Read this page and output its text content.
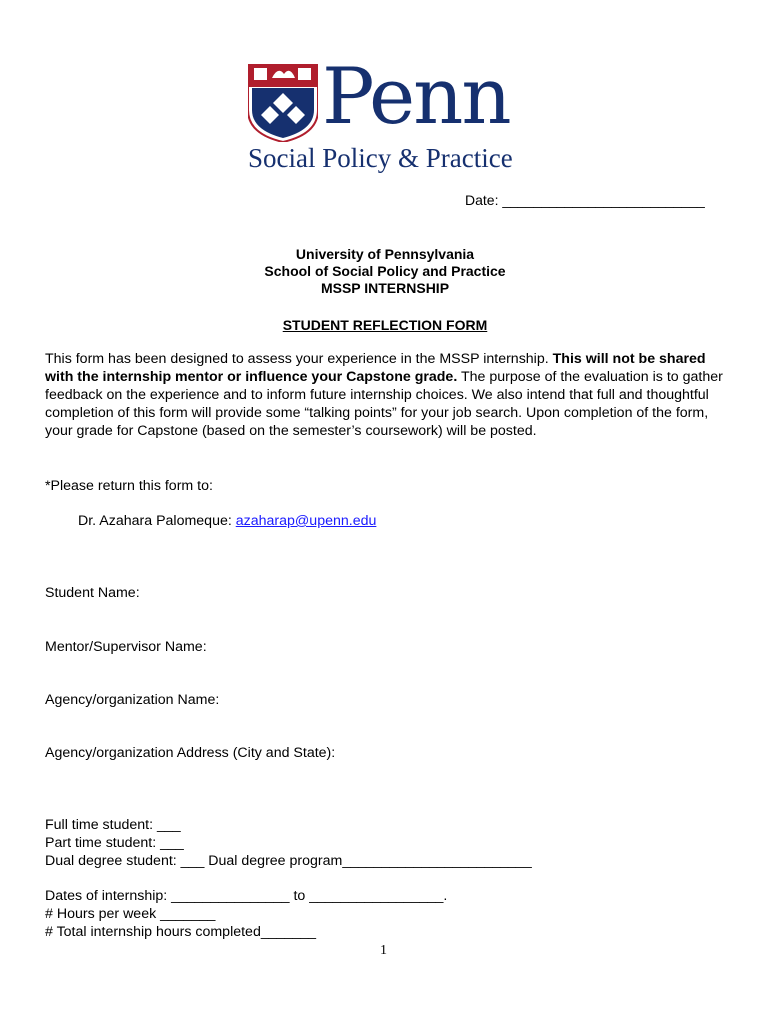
Penn
Social Policy & Practice
Date: __________________________
University of Pennsylvania
School of Social Policy and Practice
MSSP INTERNSHIP
STUDENT REFLECTION FORM
This form has been designed to assess your experience in the MSSP internship. This will not be shared with the internship mentor or influence your Capstone grade. The purpose of the evaluation is to gather feedback on the experience and to inform future internship choices. We also intend that full and thoughtful completion of this form will provide some “talking points” for your job search. Upon completion of the form, your grade for Capstone (based on the semester’s coursework) will be posted.
*Please return this form to:
Dr. Azahara Palomeque: azaharap@upenn.edu
Student Name:
Mentor/Supervisor Name:
Agency/organization Name:
Agency/organization Address (City and State):
Full time student: ___
Part time student: ___
Dual degree student: ___ Dual degree program________________________
Dates of internship: _______________ to _________________.
# Hours per week _______
# Total internship hours completed_______
1
